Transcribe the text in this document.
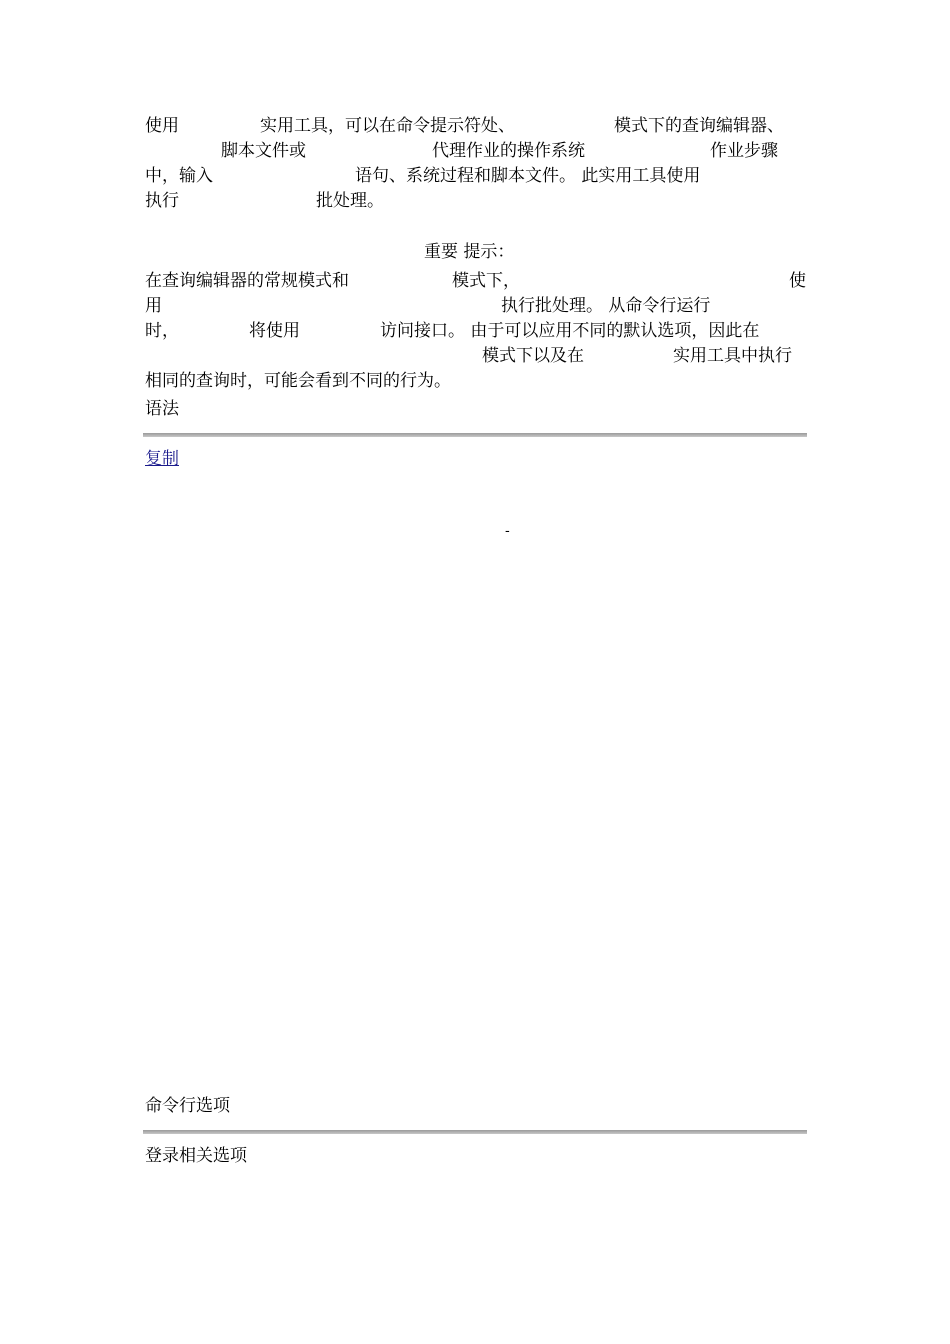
使用	实用工具，可以在命令提示符处、	模式下的查询编辑器、
脚本文件或	代理作业的操作系统	作业步骤
中，输入	语句、系统过程和脚本文件。 此实用工具使用
执行	批处理。
重要 提示：
在查询编辑器的常规模式和	模式下，	使
用	执行批处理。 从命令行运行
时，	将使用	访问接口。 由于可以应用不同的默认选项，因此在
模式下以及在	实用工具中执行
相同的查询时，可能会看到不同的行为。
语法
复制
-
命令行选项
登录相关选项
